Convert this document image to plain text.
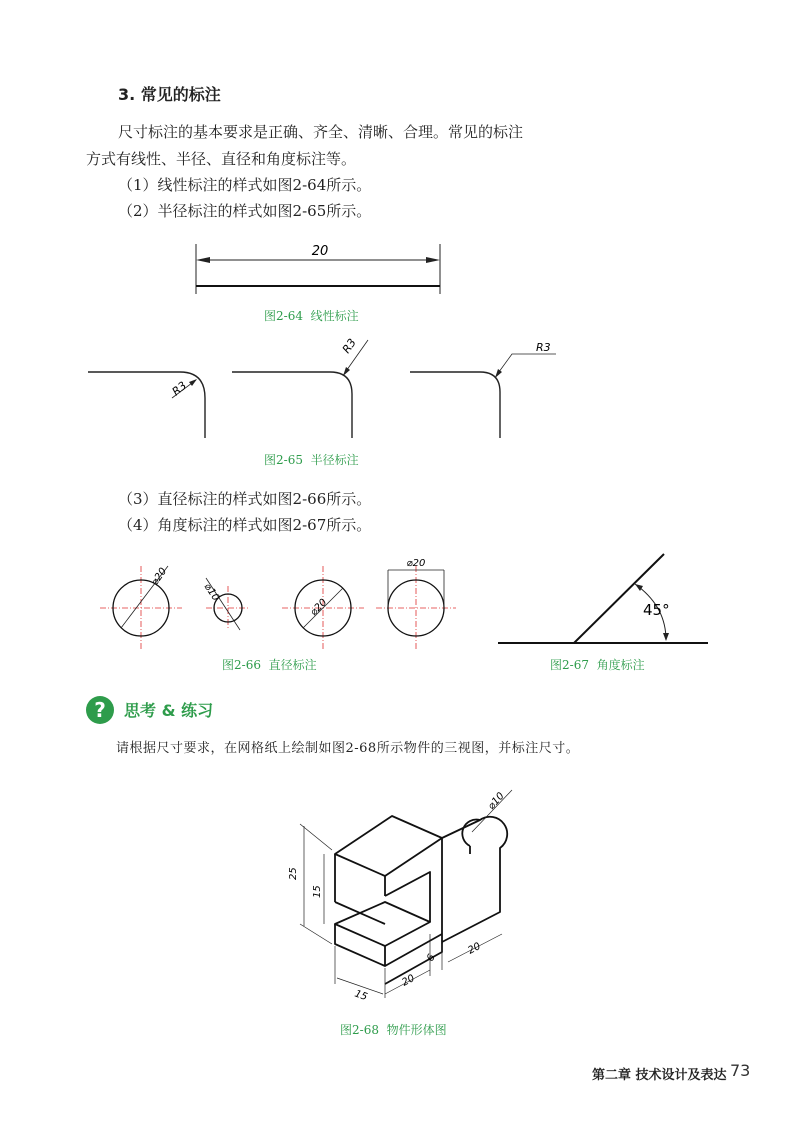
3. 常见的标注
尺寸标注的基本要求是正确、齐全、清晰、合理。常见的标注
方式有线性、半径、直径和角度标注等。
（1）线性标注的样式如图2-64所示。
（2）半径标注的样式如图2-65所示。
20
图2-64  线性标注
R3
R3	R3
图2-65  半径标注
（3）直径标注的样式如图2-66所示。
（4）角度标注的样式如图2-67所示。
⌀20
⌀10
⌀20
⌀20
图2-66  直径标注
45°
图2-67  角度标注
?	思考 & 练习
请根据尺寸要求，在网格纸上绘制如图2-68所示物件的三视图，并标注尺寸。
⌀10
25
15
15
20
6
20
图2-68  物件形体图
第二章 技术设计及表达 73
